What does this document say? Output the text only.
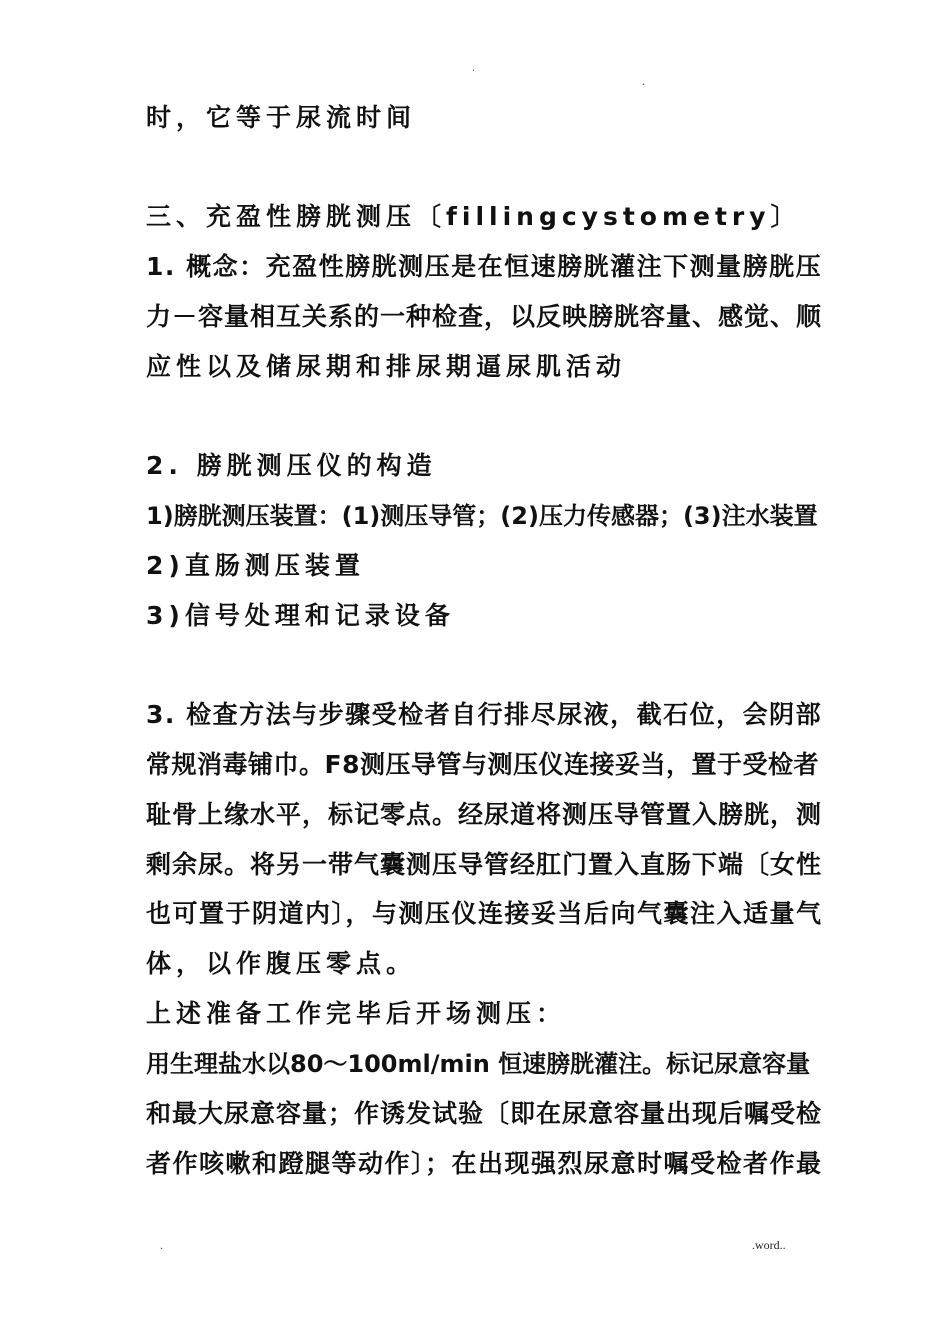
.
.
时，它等于尿流时间
三、充盈性膀胱测压〔fillingcystometry〕
1. 概念：充盈性膀胱测压是在恒速膀胱灌注下测量膀胱压
力－容量相互关系的一种检查，以反映膀胱容量、感觉、顺
应性以及储尿期和排尿期逼尿肌活动
2. 膀胱测压仪的构造
1)膀胱测压装置：(1)测压导管；(2)压力传感器；(3)注水装置
2)直肠测压装置
3)信号处理和记录设备
3. 检查方法与步骤受检者自行排尽尿液，截石位，会阴部
常规消毒铺巾。F8测压导管与测压仪连接妥当，置于受检者
耻骨上缘水平，标记零点。经尿道将测压导管置入膀胱，测
剩余尿。将另一带气囊测压导管经肛门置入直肠下端〔女性
也可置于阴道内〕，与测压仪连接妥当后向气囊注入适量气
体，以作腹压零点。
上述准备工作完毕后开场测压：
用生理盐水以80～100ml/min 恒速膀胱灌注。标记尿意容量
和最大尿意容量；作诱发试验〔即在尿意容量出现后嘱受检
者作咳嗽和蹬腿等动作〕；在出现强烈尿意时嘱受检者作最
.	.word..
